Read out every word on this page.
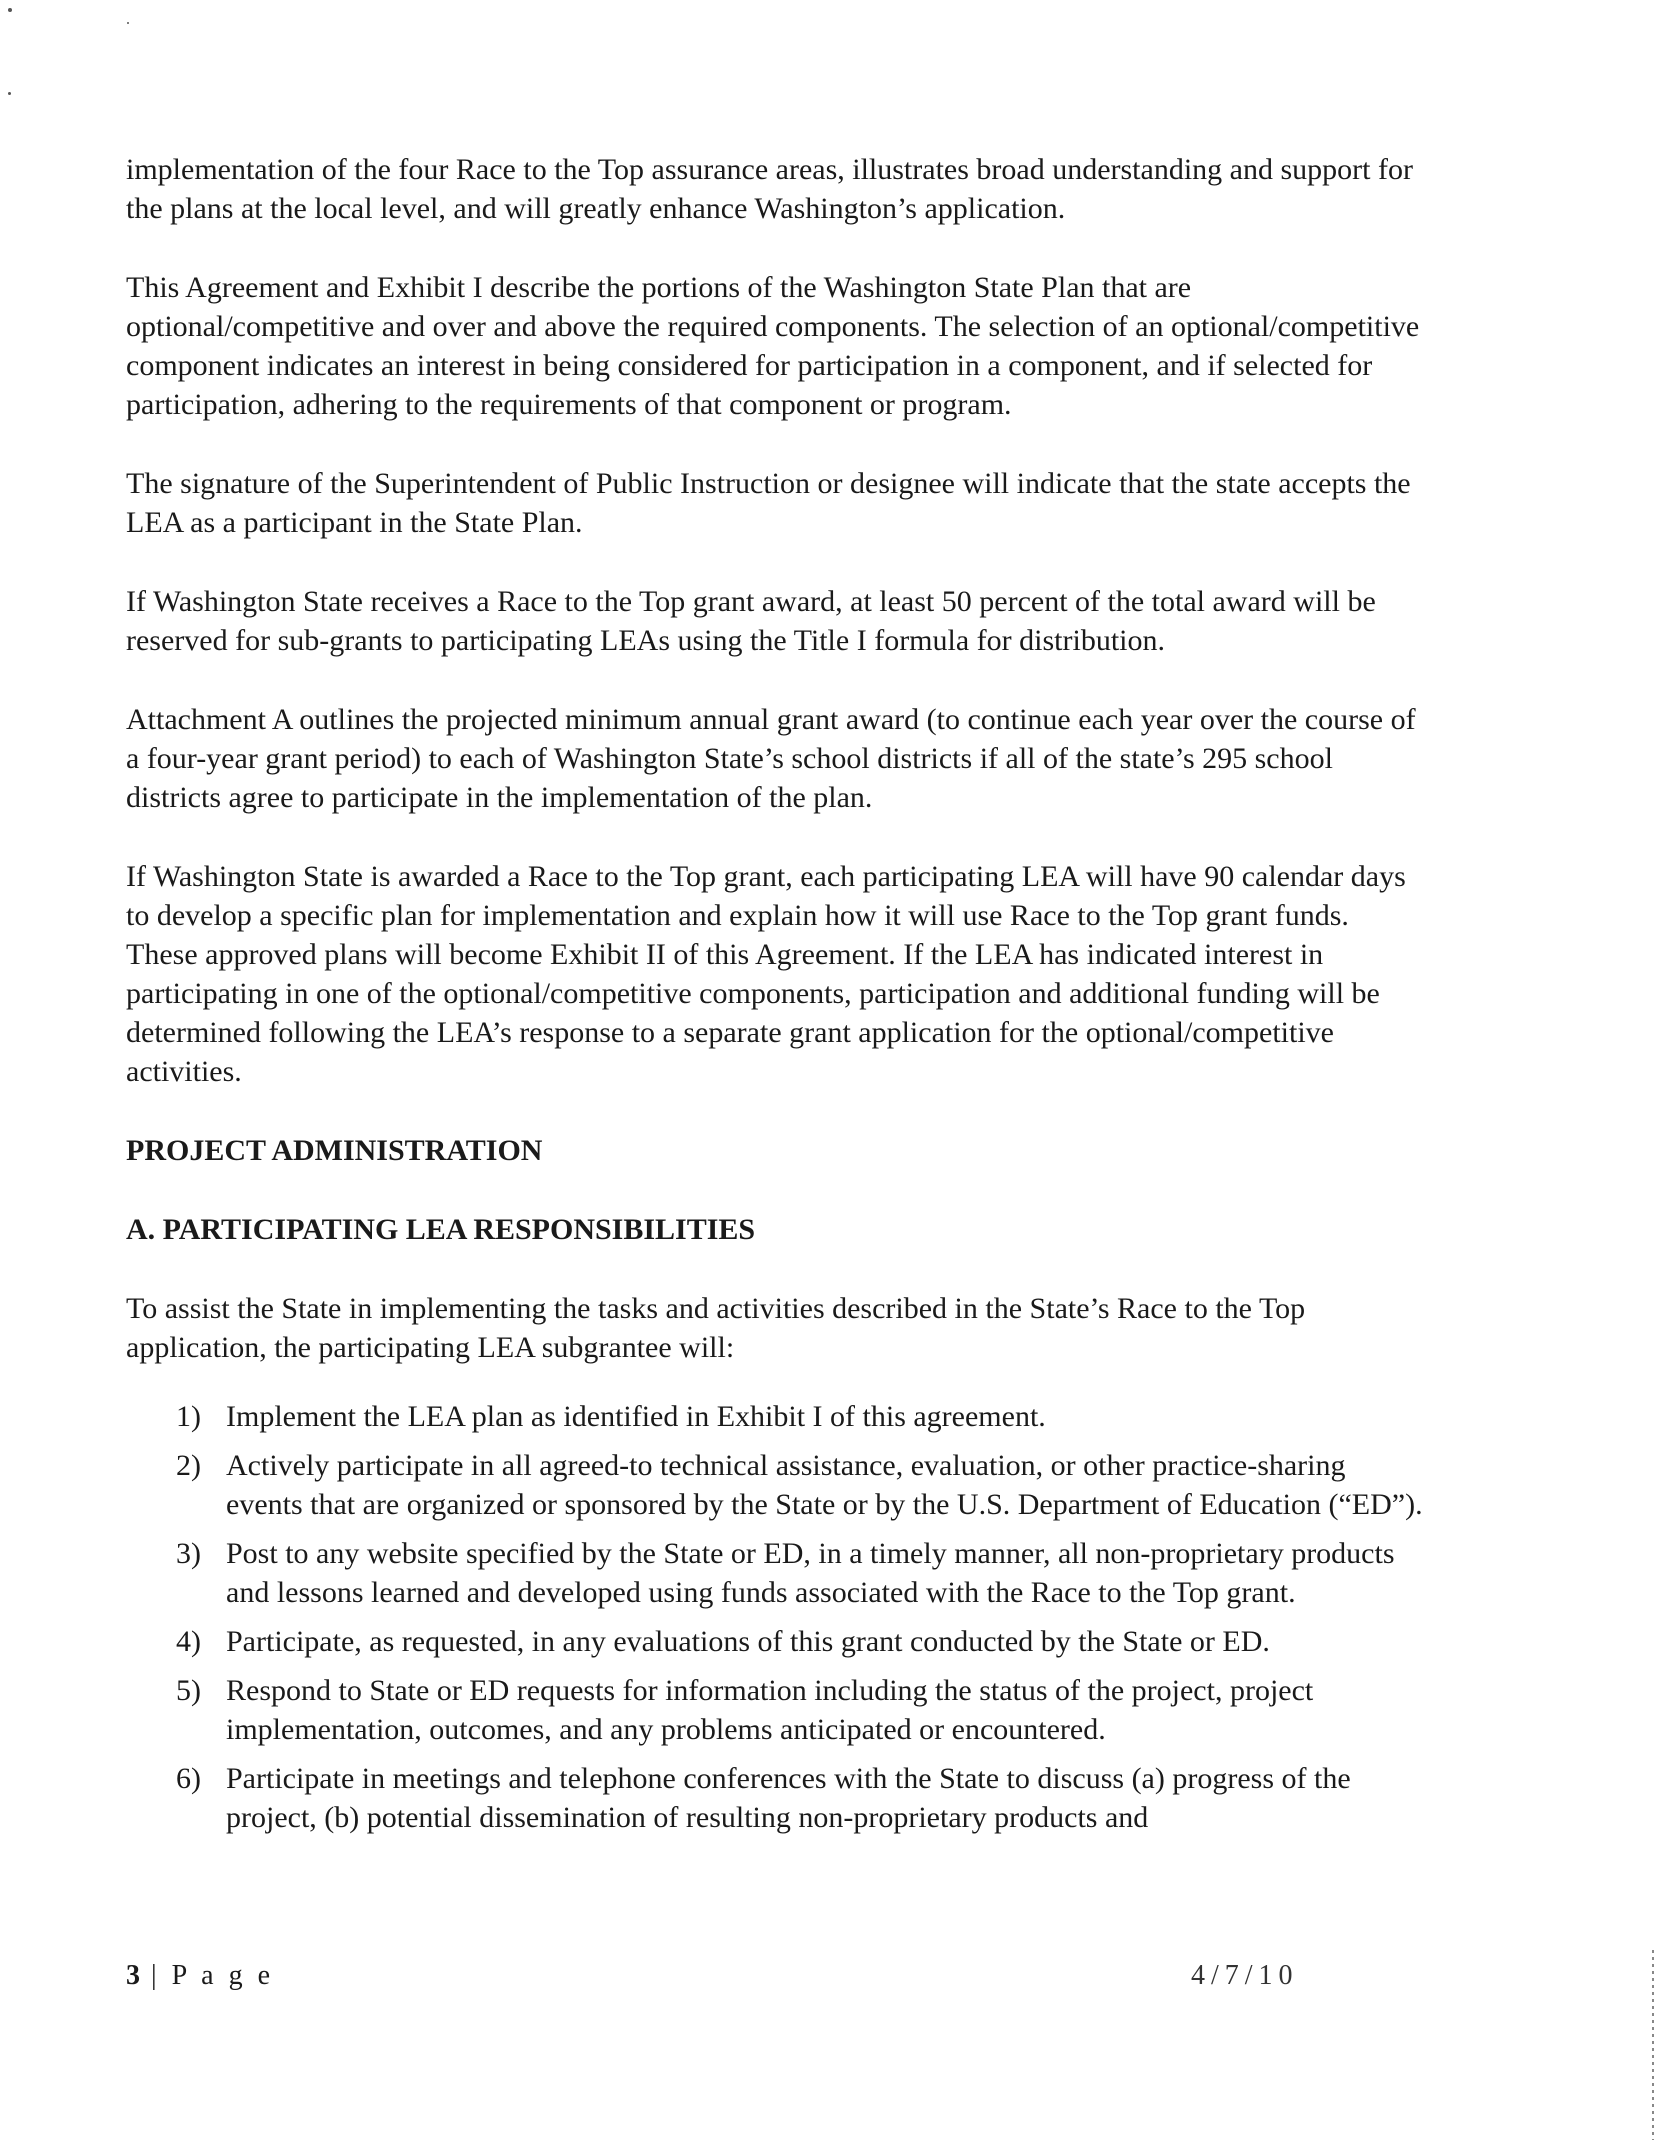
implementation of the four Race to the Top assurance areas, illustrates broad understanding and support for the plans at the local level, and will greatly enhance Washington’s application.

This Agreement and Exhibit I describe the portions of the Washington State Plan that are optional/competitive and over and above the required components. The selection of an optional/competitive component indicates an interest in being considered for participation in a component, and if selected for participation, adhering to the requirements of that component or program.

The signature of the Superintendent of Public Instruction or designee will indicate that the state accepts the LEA as a participant in the State Plan.

If Washington State receives a Race to the Top grant award, at least 50 percent of the total award will be reserved for sub-grants to participating LEAs using the Title I formula for distribution.

Attachment A outlines the projected minimum annual grant award (to continue each year over the course of a four-year grant period) to each of Washington State’s school districts if all of the state’s 295 school districts agree to participate in the implementation of the plan.

If Washington State is awarded a Race to the Top grant, each participating LEA will have 90 calendar days to develop a specific plan for implementation and explain how it will use Race to the Top grant funds. These approved plans will become Exhibit II of this Agreement. If the LEA has indicated interest in participating in one of the optional/competitive components, participation and additional funding will be determined following the LEA’s response to a separate grant application for the optional/competitive activities.

PROJECT ADMINISTRATION
A. PARTICIPATING LEA RESPONSIBILITIES

To assist the State in implementing the tasks and activities described in the State’s Race to the Top application, the participating LEA subgrantee will:

1) Implement the LEA plan as identified in Exhibit I of this agreement.
2) Actively participate in all agreed-to technical assistance, evaluation, or other practice-sharing events that are organized or sponsored by the State or by the U.S. Department of Education (“ED”).
3) Post to any website specified by the State or ED, in a timely manner, all non-proprietary products and lessons learned and developed using funds associated with the Race to the Top grant.
4) Participate, as requested, in any evaluations of this grant conducted by the State or ED.
5) Respond to State or ED requests for information including the status of the project, project implementation, outcomes, and any problems anticipated or encountered.
6) Participate in meetings and telephone conferences with the State to discuss (a) progress of the project, (b) potential dissemination of resulting non-proprietary products and
3 | P a g e	4/7/10
